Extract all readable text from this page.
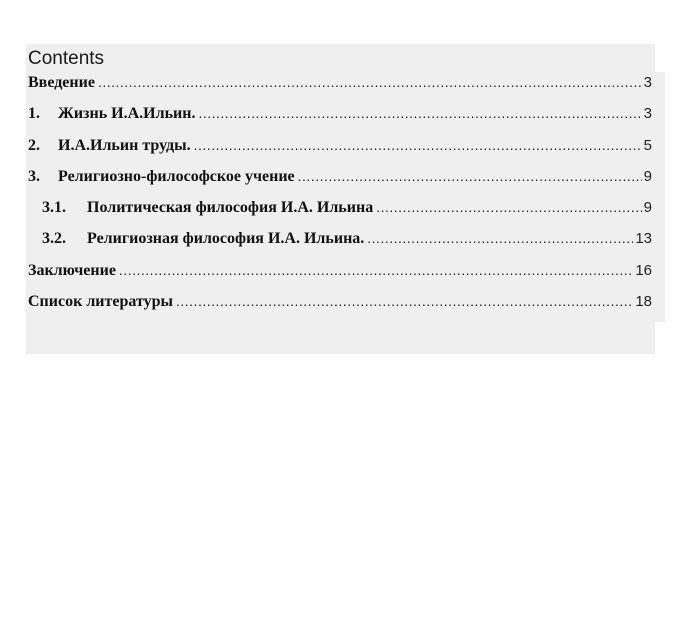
Contents
Введение .....	3
1.	Жизнь И.А.Ильин. .....	3
2.	И.А.Ильин труды. .....	5
3.	Религиозно-философское учение .....	9
3.1.	Политическая философия И.А. Ильина .....	9
3.2.	Религиозная философия И.А. Ильина. .....	13
Заключение .....	16
Список литературы .....	18
